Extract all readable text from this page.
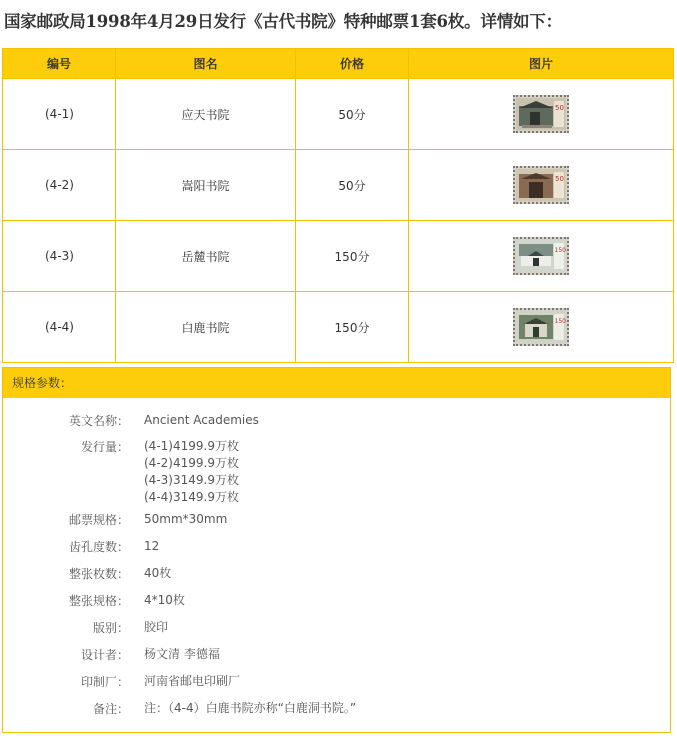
国家邮政局1998年4月29日发行《古代书院》特种邮票1套6枚。详情如下：
编号	图名	价格	图片
(4-1)	应天书院	50分	50

(4-2)	嵩阳书院	50分	50

(4-3)	岳麓书院	150分	150

(4-4)	白鹿书院	150分	150
规格参数：
英文名称： Ancient Academies
发行量： (4-1)4199.9万枚
(4-2)4199.9万枚
(4-3)3149.9万枚
(4-4)3149.9万枚
邮票规格： 50mm*30mm
齿孔度数： 12
整张枚数： 40枚
整张规格： 4*10枚
版别： 胶印
设计者： 杨文清 李德福
印制厂： 河南省邮电印刷厂
备注： 注：（4-4）白鹿书院亦称“白鹿洞书院。”
